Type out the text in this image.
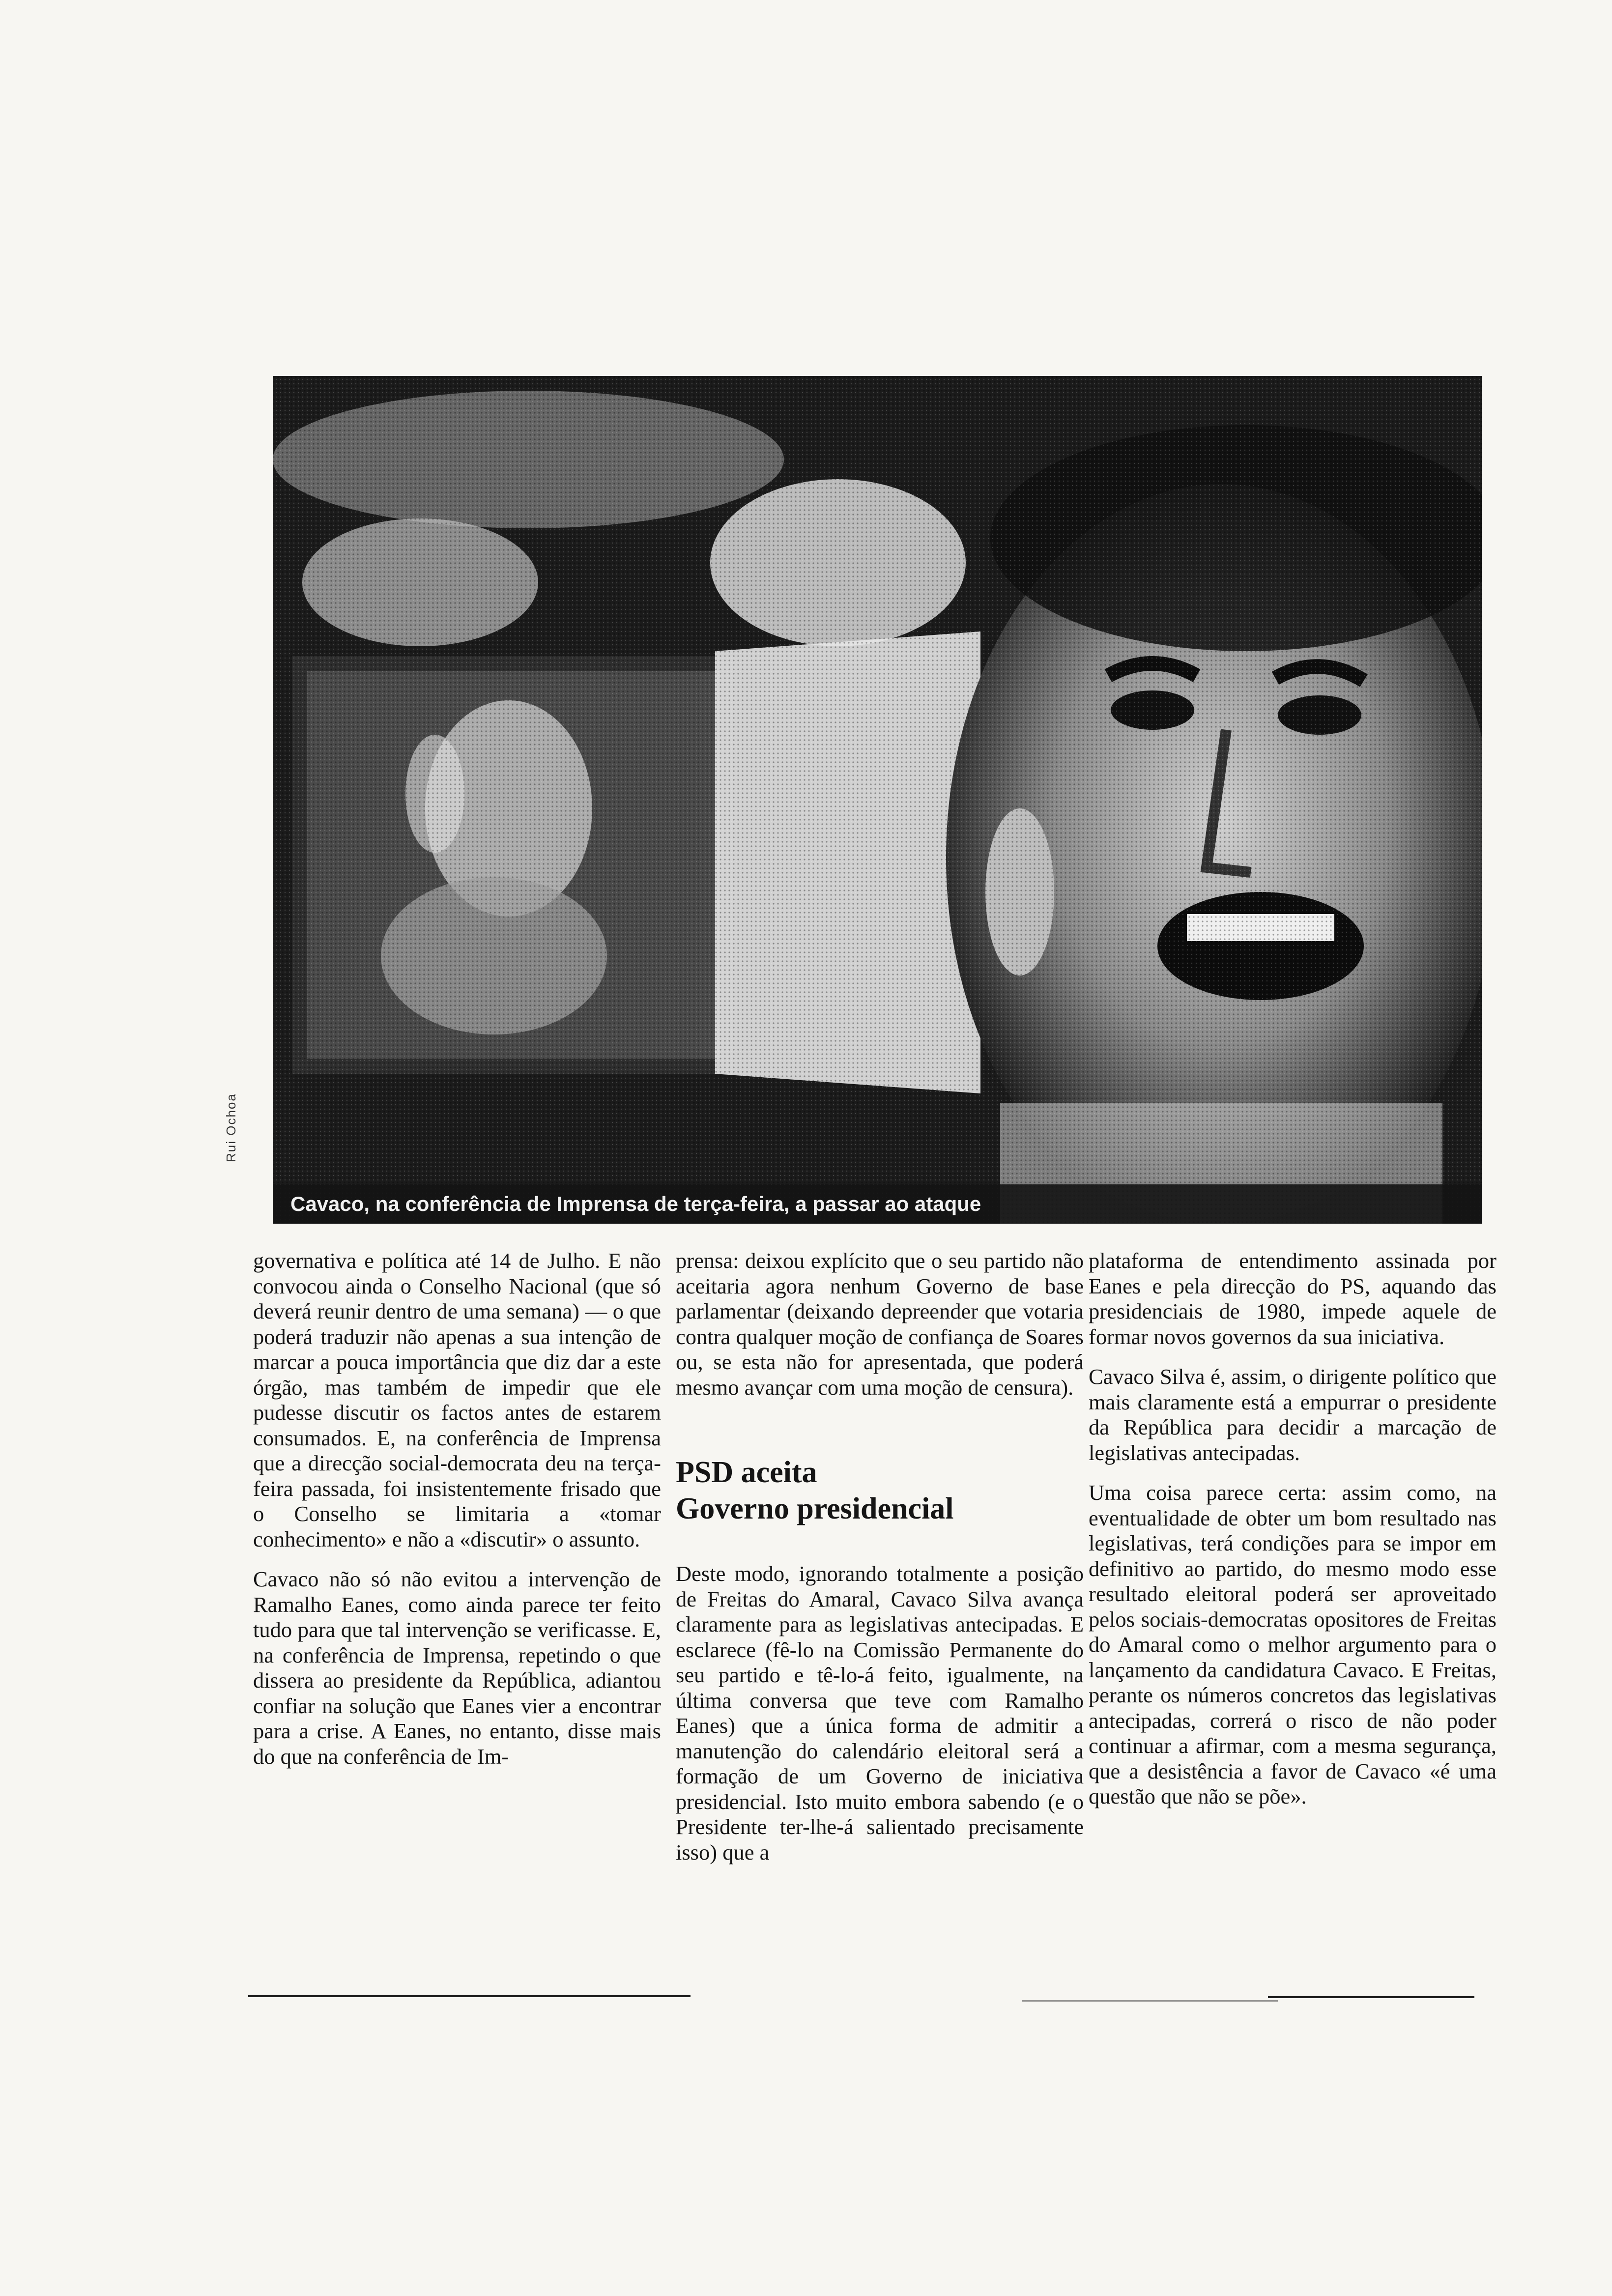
Cavaco, na conferência de Imprensa de terça-feira, a passar ao ataque
Rui Ochoa

governativa e política até 14 de Julho. E não convocou ainda o Conselho Nacional (que só deverá reunir dentro de uma semana) — o que poderá traduzir não apenas a sua intenção de marcar a pouca importância que diz dar a este órgão, mas também de impedir que ele pudesse discutir os factos antes de estarem consumados. E, na conferência de Imprensa que a direcção social-democrata deu na terça-feira passada, foi insistentemente frisado que o Conselho se limitaria a «tomar conhecimento» e não a «discutir» o assunto.

Cavaco não só não evitou a intervenção de Ramalho Eanes, como ainda parece ter feito tudo para que tal intervenção se verificasse. E, na conferência de Imprensa, repetindo o que dissera ao presidente da República, adiantou confiar na solução que Eanes vier a encontrar para a crise. A Eanes, no entanto, disse mais do que na conferência de Im-

prensa: deixou explícito que o seu partido não aceitaria agora nenhum Governo de base parlamentar (deixando depreender que votaria contra qualquer moção de confiança de Soares ou, se esta não for apresentada, que poderá mesmo avançar com uma moção de censura).

PSD aceita
Governo presidencial

Deste modo, ignorando totalmente a posição de Freitas do Amaral, Cavaco Silva avança claramente para as legislativas antecipadas. E esclarece (fê-lo na Comissão Permanente do seu partido e tê-lo-á feito, igualmente, na última conversa que teve com Ramalho Eanes) que a única forma de admitir a manutenção do calendário eleitoral será a formação de um Governo de iniciativa presidencial. Isto muito embora sabendo (e o Presidente ter-lhe-á salientado precisamente isso) que a

plataforma de entendimento assinada por Eanes e pela direcção do PS, aquando das presidenciais de 1980, impede aquele de formar novos governos da sua iniciativa.

Cavaco Silva é, assim, o dirigente político que mais claramente está a empurrar o presidente da República para decidir a marcação de legislativas antecipadas.

Uma coisa parece certa: assim como, na eventualidade de obter um bom resultado nas legislativas, terá condições para se impor em definitivo ao partido, do mesmo modo esse resultado eleitoral poderá ser aproveitado pelos sociais-democratas opositores de Freitas do Amaral como o melhor argumento para o lançamento da candidatura Cavaco. E Freitas, perante os números concretos das legislativas antecipadas, correrá o risco de não poder continuar a afirmar, com a mesma segurança, que a desistência a favor de Cavaco «é uma questão que não se põe».
